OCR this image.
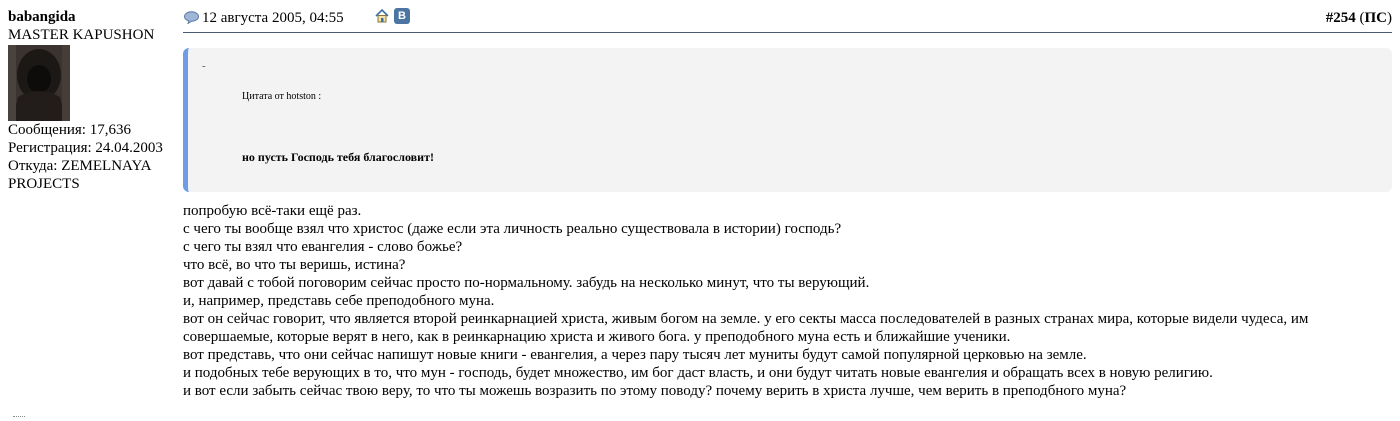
babangida
MASTER KAPUSHON
Сообщения: 17,636
Регистрация: 24.04.2003
Откуда: ZEMELNAYA PROJECTS
12 августа 2005, 04:55	В	#254 (ПС)
-
Цитата от hotston :
но пусть Господь тебя благословит!
попробую всё-таки ещё раз.
с чего ты вообще взял что христос (даже если эта личность реально существовала в истории) господь?
с чего ты взял что евангелия - слово божье?
что всё, во что ты веришь, истина?
вот давай с тобой поговорим сейчас просто по-нормальному. забудь на несколько минут, что ты верующий.
и, например, представь себе преподобного муна.
вот он сейчас говорит, что является второй реинкарнацией христа, живым богом на земле. у его секты масса последователей в разных странах мира, которые видели чудеса, им совершаемые, которые верят в него, как в реинкарнацию христа и живого бога. у преподобного муна есть и ближайшие ученики.
вот представь, что они сейчас напишут новые книги - евангелия, а через пару тысяч лет муниты будут самой популярной церковью на земле.
и подобных тебе верующих в то, что мун - господь, будет множество, им бог даст власть, и они будут читать новые евангелия и обращать всех в новую религию.
и вот если забыть сейчас твою веру, то что ты можешь возразить по этому поводу? почему верить в христа лучше, чем верить в преподбного муна?
